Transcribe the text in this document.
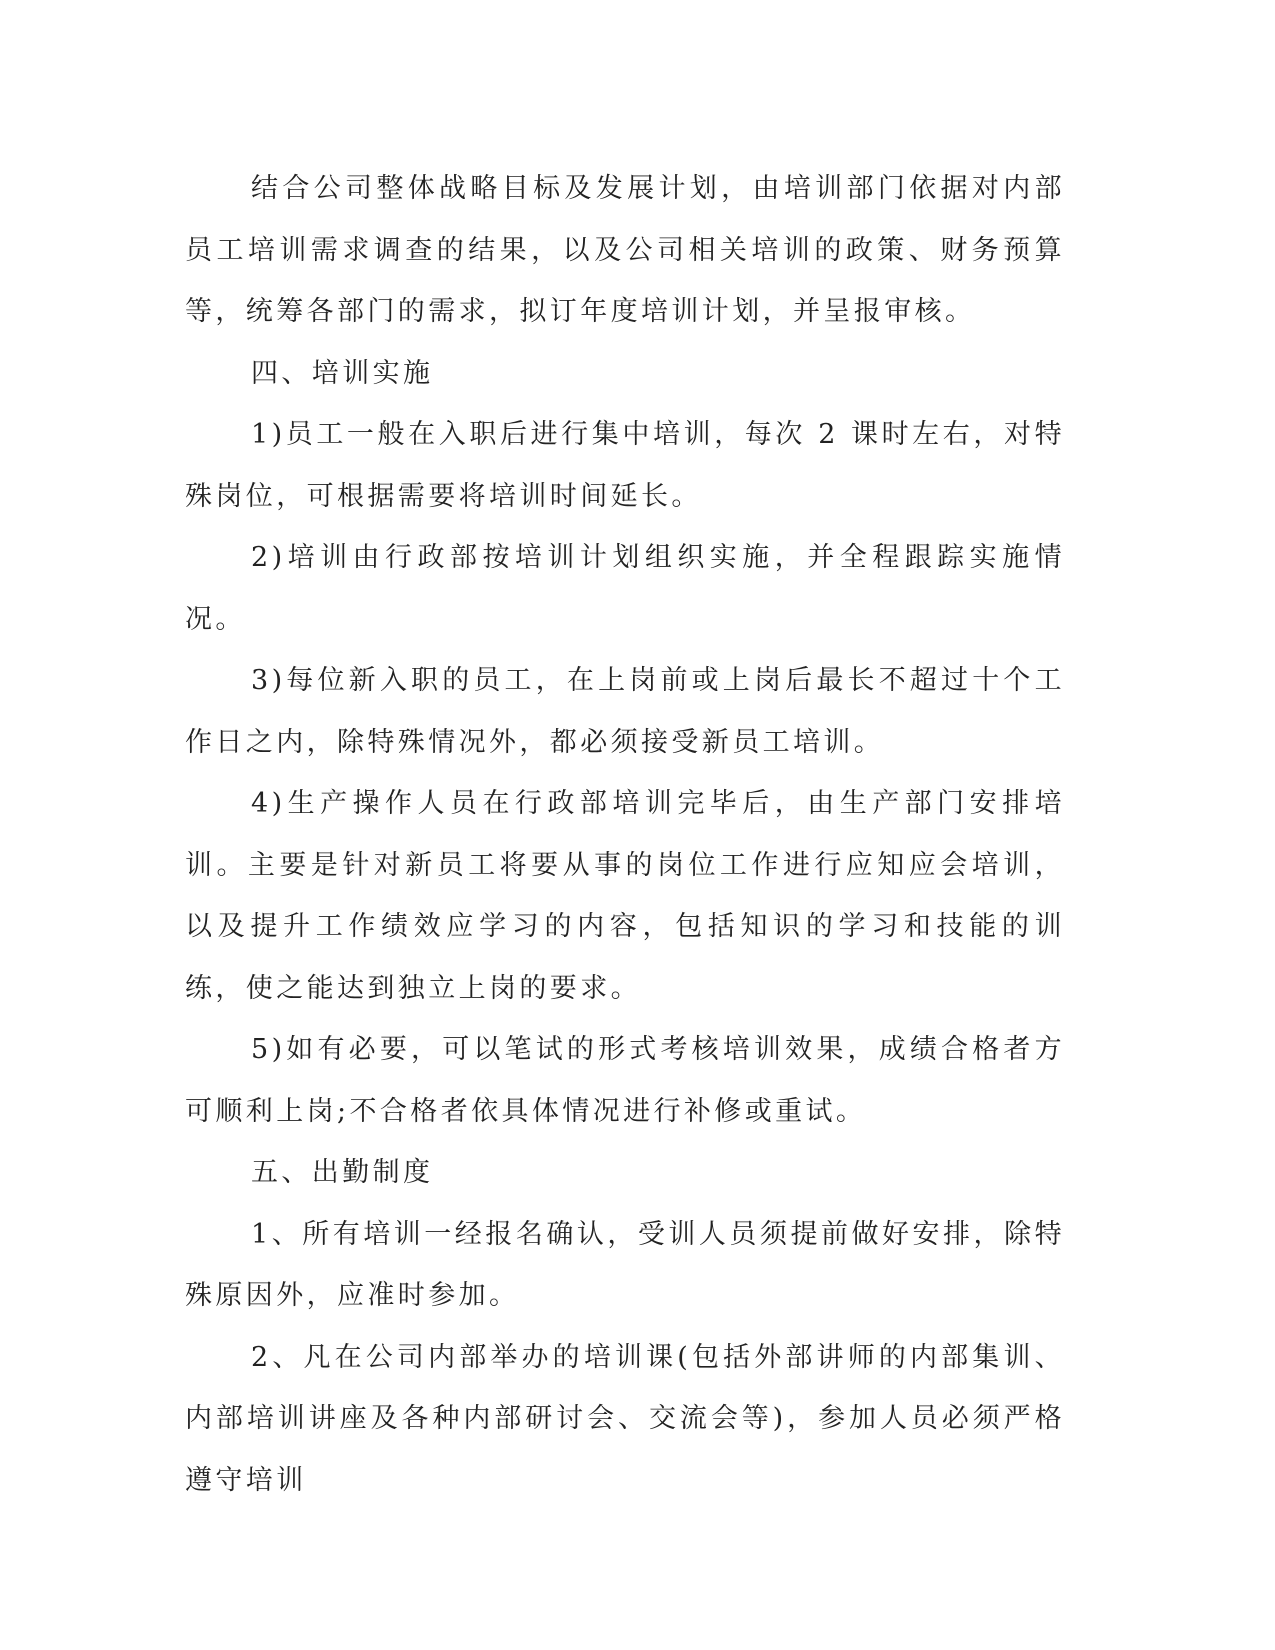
结合公司整体战略目标及发展计划，由培训部门依据对内部员工培训需求调查的结果，以及公司相关培训的政策、财务预算等，统筹各部门的需求，拟订年度培训计划，并呈报审核。

四、培训实施

1)员工一般在入职后进行集中培训，每次 2 课时左右，对特殊岗位，可根据需要将培训时间延长。

2)培训由行政部按培训计划组织实施，并全程跟踪实施情况。

3)每位新入职的员工，在上岗前或上岗后最长不超过十个工作日之内，除特殊情况外，都必须接受新员工培训。

4)生产操作人员在行政部培训完毕后，由生产部门安排培训。主要是针对新员工将要从事的岗位工作进行应知应会培训，以及提升工作绩效应学习的内容，包括知识的学习和技能的训练，使之能达到独立上岗的要求。

5)如有必要，可以笔试的形式考核培训效果，成绩合格者方可顺利上岗;不合格者依具体情况进行补修或重试。

五、出勤制度

1、所有培训一经报名确认，受训人员须提前做好安排，除特殊原因外，应准时参加。

2、凡在公司内部举办的培训课(包括外部讲师的内部集训、内部培训讲座及各种内部研讨会、交流会等)，参加人员必须严格遵守培训
